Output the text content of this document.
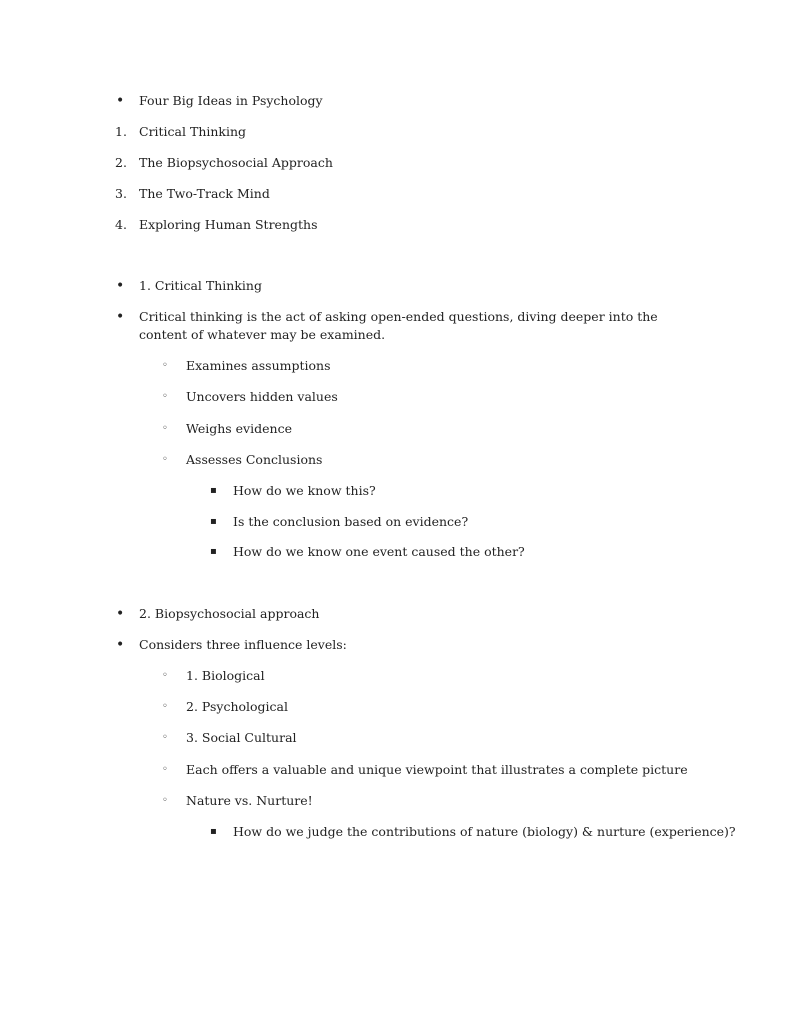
• Four Big Ideas in Psychology
1. Critical Thinking
2. The Biopsychosocial Approach
3. The Two-Track Mind
4. Exploring Human Strengths
• 1. Critical Thinking
• Critical thinking is the act of asking open-ended questions, diving deeper into the content of whatever may be examined.
◦ Examines assumptions
◦ Uncovers hidden values
◦ Weighs evidence
◦ Assesses Conclusions
▪ How do we know this?
▪ Is the conclusion based on evidence?
▪ How do we know one event caused the other?
• 2. Biopsychosocial approach
• Considers three influence levels:
◦ 1. Biological
◦ 2. Psychological
◦ 3. Social Cultural
◦ Each offers a valuable and unique viewpoint that illustrates a complete picture
◦ Nature vs. Nurture!
▪ How do we judge the contributions of nature (biology) & nurture (experience)?
